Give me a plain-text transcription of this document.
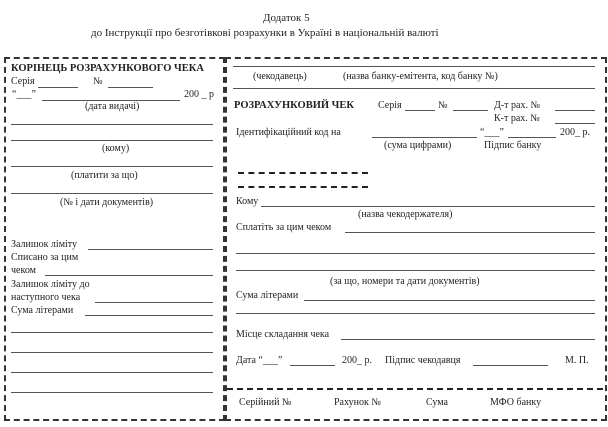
Додаток 5
до Інструкції про безготівкові розрахунки в Україні в національній валюті
КОРІНЕЦЬ РОЗРАХУНКОВОГО ЧЕКА
Серія	№
“___”	200 _ р
(дата видачі)
(кому)
(платити за що)
(№ і дати документів)
Залишок ліміту
Списано за цим
чеком
Залишок ліміту до
наступного чека
Сума літерами
(чекодавець)	(назва банку-емітента, код банку №)
РОЗРАХУНКОВИЙ ЧЕК Серія	№	Д-т рах. №
К-т рах. №
Ідентифікаційний код на	“___”	200_ р.
(сума цифрами)	Підпис банку
Кому
(назва чекодержателя)
Сплатіть за цим чеком
(за що, номери та дати документів)
Сума літерами
Місце складання чека
Дата “___”	200_ р. Підпис чекодавця	М. П.
Серійний №	Рахунок №	Сума	МФО банку
